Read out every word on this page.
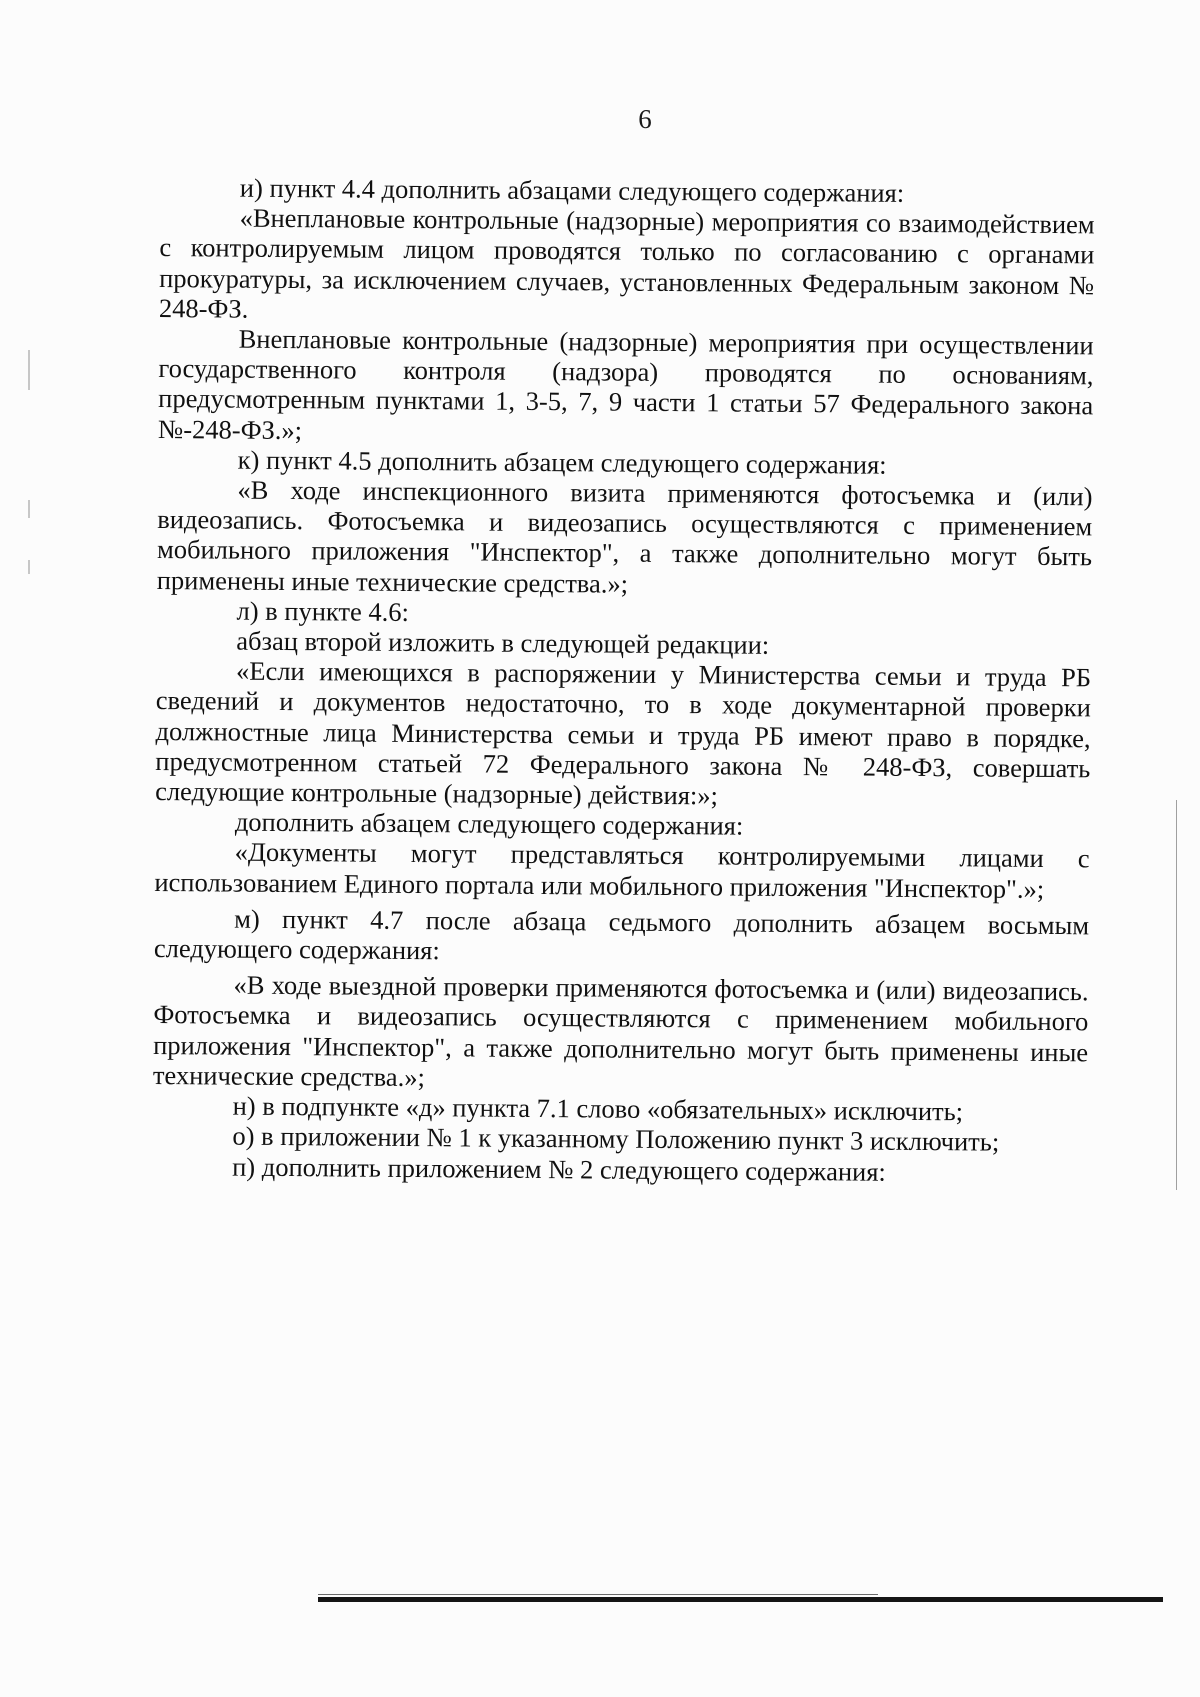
6

и) пункт 4.4 дополнить абзацами следующего содержания:

«Внеплановые контрольные (надзорные) мероприятия со взаимодействием с контролируемым лицом проводятся только по согласованию с органами прокуратуры, за исключением случаев, установленных Федеральным законом № 248-ФЗ.

Внеплановые контрольные (надзорные) мероприятия при осуществлении государственного контроля (надзора) проводятся по основаниям, предусмотренным пунктами 1, 3-5, 7, 9 части 1 статьи 57 Федерального закона №-248-ФЗ.»;

к) пункт 4.5 дополнить абзацем следующего содержания:

«В ходе инспекционного визита применяются фотосъемка и (или) видеозапись. Фотосъемка и видеозапись осуществляются с применением мобильного приложения "Инспектор", а также дополнительно могут быть применены иные технические средства.»;

л) в пункте 4.6:

абзац второй изложить в следующей редакции:

«Если имеющихся в распоряжении у Министерства семьи и труда РБ сведений и документов недостаточно, то в ходе документарной проверки должностные лица Министерства семьи и труда РБ имеют право в порядке, предусмотренном статьей 72 Федерального закона № 248-ФЗ, совершать следующие контрольные (надзорные) действия:»;

дополнить абзацем следующего содержания:

«Документы могут представляться контролируемыми лицами с использованием Единого портала или мобильного приложения "Инспектор".»;

м) пункт 4.7 после абзаца седьмого дополнить абзацем восьмым следующего содержания:

«В ходе выездной проверки применяются фотосъемка и (или) видеозапись. Фотосъемка и видеозапись осуществляются с применением мобильного приложения "Инспектор", а также дополнительно могут быть применены иные технические средства.»;

н) в подпункте «д» пункта 7.1 слово «обязательных» исключить;

о) в приложении № 1 к указанному Положению пункт 3 исключить;

п) дополнить приложением № 2 следующего содержания:
